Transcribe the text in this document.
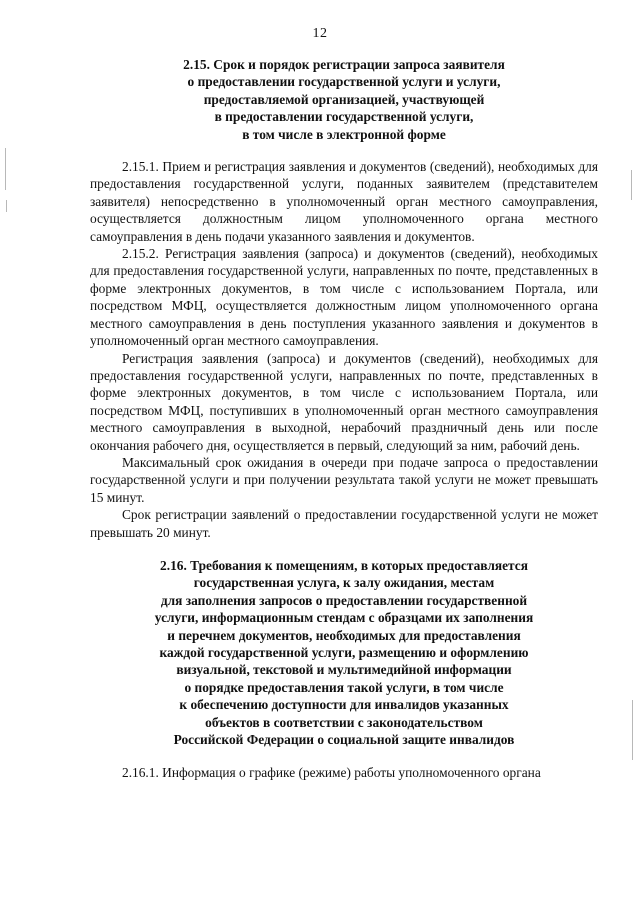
12
2.15. Срок и порядок регистрации запроса заявителя
о предоставлении государственной услуги и услуги,
предоставляемой организацией, участвующей
в предоставлении государственной услуги,
в том числе в электронной форме

2.15.1. Прием и регистрация заявления и документов (сведений), необходимых для предоставления государственной услуги, поданных заявителем (представителем заявителя) непосредственно в уполномоченный орган местного самоуправления, осуществляется должностным лицом уполномоченного органа местного самоуправления в день подачи указанного заявления и документов.

2.15.2. Регистрация заявления (запроса) и документов (сведений), необходимых для предоставления государственной услуги, направленных по почте, представленных в форме электронных документов, в том числе с использованием Портала, или посредством МФЦ, осуществляется должностным лицом уполномоченного органа местного самоуправления в день поступления указанного заявления и документов в уполномоченный орган местного самоуправления.

Регистрация заявления (запроса) и документов (сведений), необходимых для предоставления государственной услуги, направленных по почте, представленных в форме электронных документов, в том числе с использованием Портала, или посредством МФЦ, поступивших в уполномоченный орган местного самоуправления местного самоуправления в выходной, нерабочий праздничный день или после окончания рабочего дня, осуществляется в первый, следующий за ним, рабочий день.

Максимальный срок ожидания в очереди при подаче запроса о предоставлении государственной услуги и при получении результата такой услуги не может превышать 15 минут.

Срок регистрации заявлений о предоставлении государственной услуги не может превышать 20 минут.

2.16. Требования к помещениям, в которых предоставляется
государственная услуга, к залу ожидания, местам
для заполнения запросов о предоставлении государственной
услуги, информационным стендам с образцами их заполнения
и перечнем документов, необходимых для предоставления
каждой государственной услуги, размещению и оформлению
визуальной, текстовой и мультимедийной информации
о порядке предоставления такой услуги, в том числе
к обеспечению доступности для инвалидов указанных
объектов в соответствии с законодательством
Российской Федерации о социальной защите инвалидов

2.16.1. Информация о графике (режиме) работы уполномоченного органа
